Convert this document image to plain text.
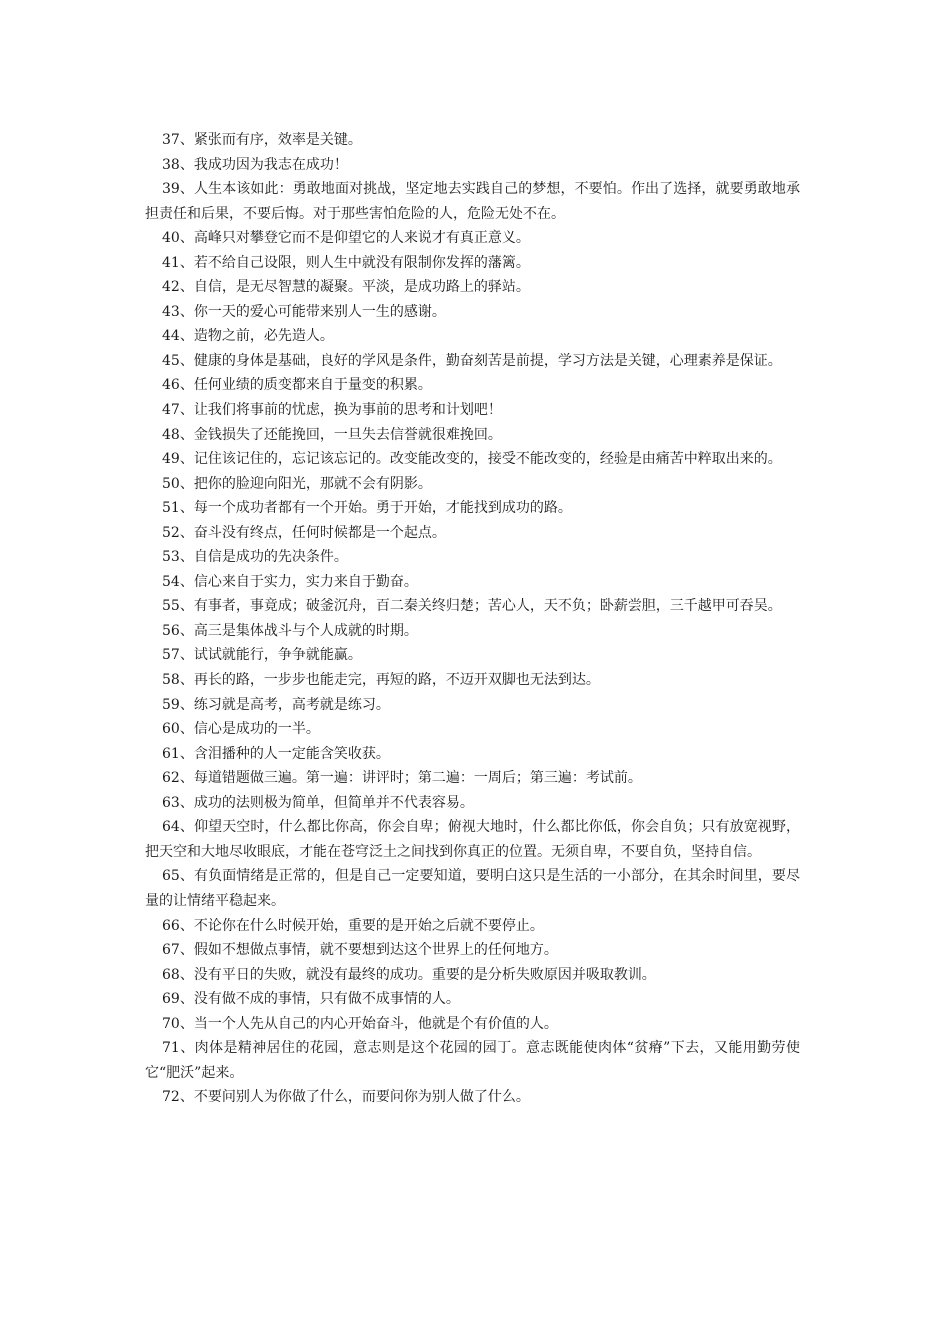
37、紧张而有序，效率是关键。

38、我成功因为我志在成功！

39、人生本该如此：勇敢地面对挑战，坚定地去实践自己的梦想，不要怕。作出了选择，就要勇敢地承担责任和后果，不要后悔。对于那些害怕危险的人，危险无处不在。

40、高峰只对攀登它而不是仰望它的人来说才有真正意义。

41、若不给自己设限，则人生中就没有限制你发挥的藩篱。

42、自信，是无尽智慧的凝聚。平淡，是成功路上的驿站。

43、你一天的爱心可能带来别人一生的感谢。

44、造物之前，必先造人。

45、健康的身体是基础，良好的学风是条件，勤奋刻苦是前提，学习方法是关键，心理素养是保证。

46、任何业绩的质变都来自于量变的积累。

47、让我们将事前的忧虑，换为事前的思考和计划吧！

48、金钱损失了还能挽回，一旦失去信誉就很难挽回。

49、记住该记住的，忘记该忘记的。改变能改变的，接受不能改变的，经验是由痛苦中粹取出来的。

50、把你的脸迎向阳光，那就不会有阴影。

51、每一个成功者都有一个开始。勇于开始，才能找到成功的路。

52、奋斗没有终点，任何时候都是一个起点。

53、自信是成功的先决条件。

54、信心来自于实力，实力来自于勤奋。

55、有事者，事竟成；破釜沉舟，百二秦关终归楚；苦心人，天不负；卧薪尝胆，三千越甲可吞吴。

56、高三是集体战斗与个人成就的时期。

57、试试就能行，争争就能赢。

58、再长的路，一步步也能走完，再短的路，不迈开双脚也无法到达。

59、练习就是高考，高考就是练习。

60、信心是成功的一半。

61、含泪播种的人一定能含笑收获。

62、每道错题做三遍。第一遍：讲评时；第二遍：一周后；第三遍：考试前。

63、成功的法则极为简单，但简单并不代表容易。

64、仰望天空时，什么都比你高，你会自卑；俯视大地时，什么都比你低，你会自负；只有放宽视野，把天空和大地尽收眼底，才能在苍穹泛土之间找到你真正的位置。无须自卑，不要自负，坚持自信。

65、有负面情绪是正常的，但是自己一定要知道，要明白这只是生活的一小部分，在其余时间里，要尽量的让情绪平稳起来。

66、不论你在什么时候开始，重要的是开始之后就不要停止。

67、假如不想做点事情，就不要想到达这个世界上的任何地方。

68、没有平日的失败，就没有最终的成功。重要的是分析失败原因并吸取教训。

69、没有做不成的事情，只有做不成事情的人。

70、当一个人先从自己的内心开始奋斗，他就是个有价值的人。

71、肉体是精神居住的花园，意志则是这个花园的园丁。意志既能使肉体“贫瘠”下去，又能用勤劳使它“肥沃”起来。

72、不要问别人为你做了什么，而要问你为别人做了什么。
